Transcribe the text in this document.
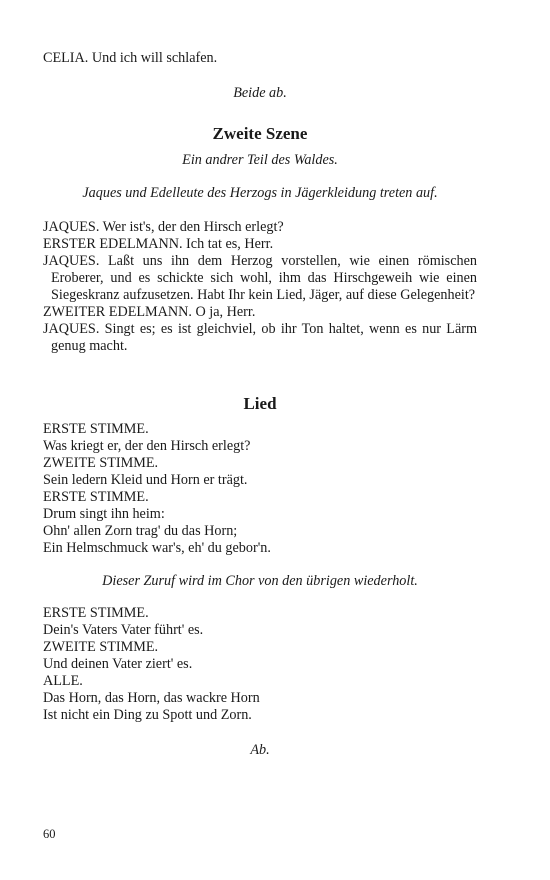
CELIA. Und ich will schlafen.
Beide ab.
Zweite Szene
Ein andrer Teil des Waldes.
Jaques und Edelleute des Herzogs in Jägerkleidung treten auf.
JAQUES. Wer ist's, der den Hirsch erlegt?
ERSTER EDELMANN. Ich tat es, Herr.
JAQUES. Laßt uns ihn dem Herzog vorstellen, wie einen römischen Eroberer, und es schickte sich wohl, ihm das Hirschgeweih wie einen Siegeskranz aufzusetzen. Habt Ihr kein Lied, Jäger, auf diese Gelegenheit?
ZWEITER EDELMANN. O ja, Herr.
JAQUES. Singt es; es ist gleichviel, ob ihr Ton haltet, wenn es nur Lärm genug macht.
Lied
ERSTE STIMME.
Was kriegt er, der den Hirsch erlegt?
ZWEITE STIMME.
Sein ledern Kleid und Horn er trägt.
ERSTE STIMME.
Drum singt ihn heim:
Ohn' allen Zorn trag' du das Horn;
Ein Helmschmuck war's, eh' du gebor'n.
Dieser Zuruf wird im Chor von den übrigen wiederholt.
ERSTE STIMME.
Dein's Vaters Vater führt' es.
ZWEITE STIMME.
Und deinen Vater ziert' es.
ALLE.
Das Horn, das Horn, das wackre Horn
Ist nicht ein Ding zu Spott und Zorn.
Ab.
60
